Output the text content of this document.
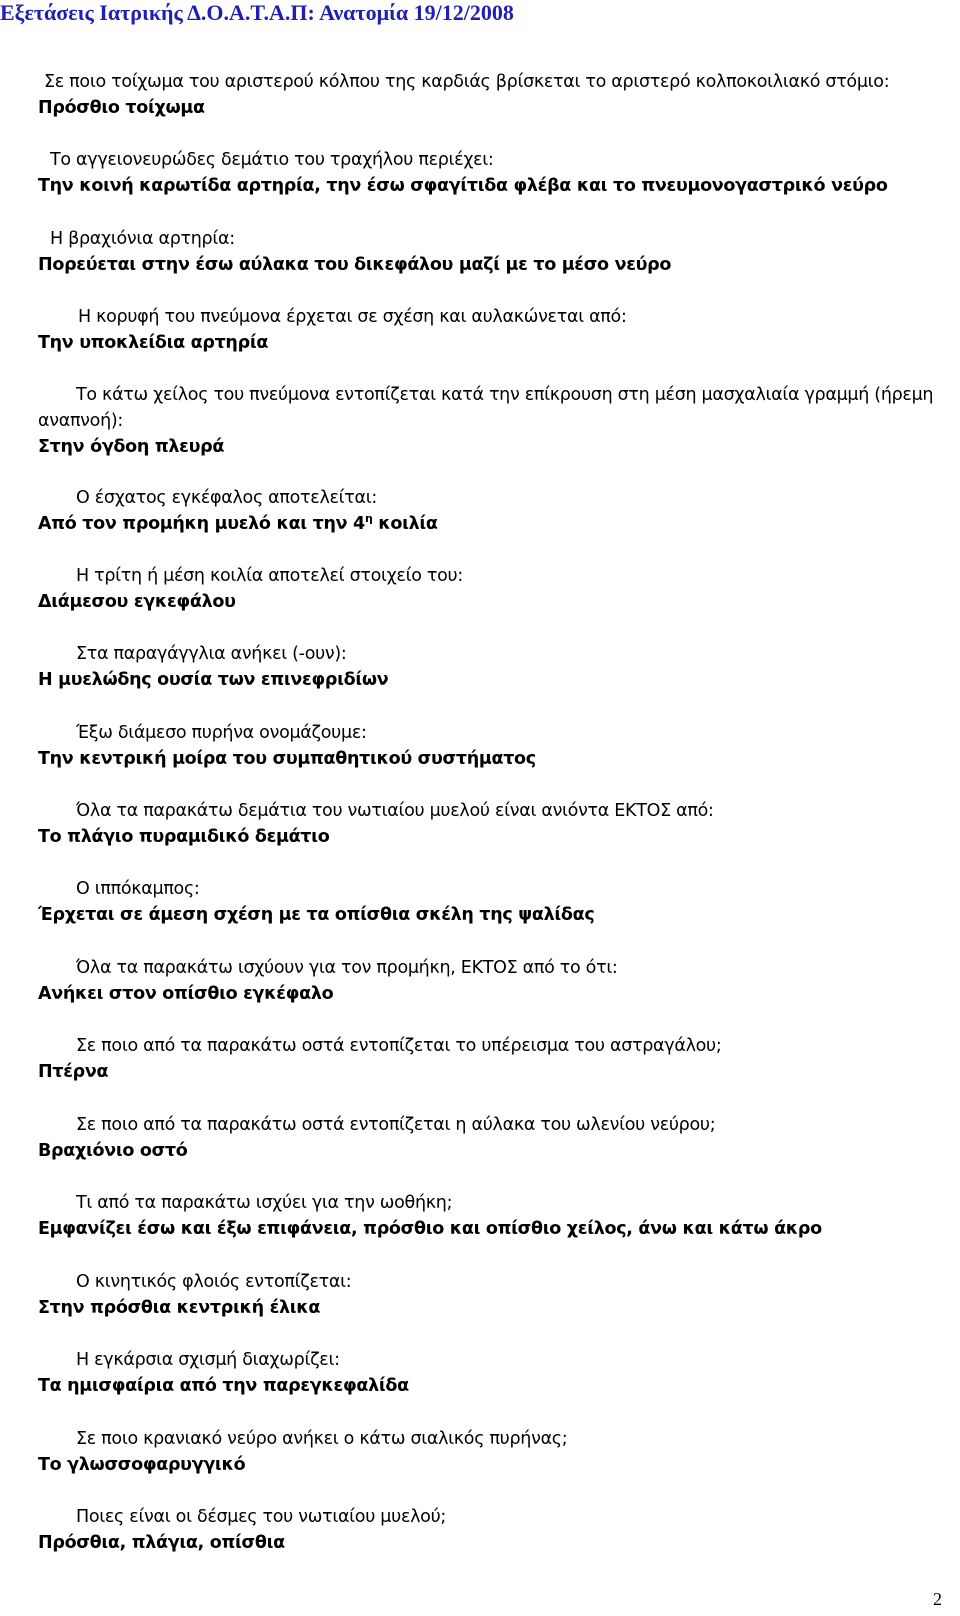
Εξετάσεις Ιατρικής Δ.Ο.Α.Τ.Α.Π: Ανατομία 19/12/2008
Σε ποιο τοίχωμα του αριστερού κόλπου της καρδιάς βρίσκεται το αριστερό κολποκοιλιακό στόμιο:
Πρόσθιο τοίχωμα
Το αγγειονευρώδες δεμάτιο του τραχήλου περιέχει:
Την κοινή καρωτίδα αρτηρία, την έσω σφαγίτιδα φλέβα και το πνευμονογαστρικό νεύρο
Η βραχιόνια αρτηρία:
Πορεύεται στην έσω αύλακα του δικεφάλου μαζί με το μέσο νεύρο
Η κορυφή του πνεύμονα έρχεται σε σχέση και αυλακώνεται από:
Την υποκλείδια αρτηρία
Το κάτω χείλος του πνεύμονα εντοπίζεται κατά την επίκρουση στη μέση μασχαλιαία γραμμή (ήρεμη
αναπνοή):
Στην όγδοη πλευρά
Ο έσχατος εγκέφαλος αποτελείται:
Από τον προμήκη μυελό και την $4^\eta$ κοιλία
Η τρίτη ή μέση κοιλία αποτελεί στοιχείο του:
Διάμεσου εγκεφάλου
Στα παραγάγγλια ανήκει (-ουν):
Η μυελώδης ουσία των επινεφριδίων
Έξω διάμεσο πυρήνα ονομάζουμε:
Την κεντρική μοίρα του συμπαθητικού συστήματος
Όλα τα παρακάτω δεμάτια του νωτιαίου μυελού είναι ανιόντα ΕΚΤΟΣ από:
Το πλάγιο πυραμιδικό δεμάτιο
Ο ιππόκαμπος:
Έρχεται σε άμεση σχέση με τα οπίσθια σκέλη της ψαλίδας
Όλα τα παρακάτω ισχύουν για τον προμήκη, ΕΚΤΟΣ από το ότι:
Ανήκει στον οπίσθιο εγκέφαλο
Σε ποιο από τα παρακάτω οστά εντοπίζεται το υπέρεισμα του αστραγάλου;
Πτέρνα
Σε ποιο από τα παρακάτω οστά εντοπίζεται η αύλακα του ωλενίου νεύρου;
Βραχιόνιο οστό
Τι από τα παρακάτω ισχύει για την ωοθήκη;
Εμφανίζει έσω και έξω επιφάνεια, πρόσθιο και οπίσθιο χείλος, άνω και κάτω άκρο
Ο κινητικός φλοιός εντοπίζεται:
Στην πρόσθια κεντρική έλικα
Η εγκάρσια σχισμή διαχωρίζει:
Τα ημισφαίρια από την παρεγκεφαλίδα
Σε ποιο κρανιακό νεύρο ανήκει ο κάτω σιαλικός πυρήνας;
Το γλωσσοφαρυγγικό
Ποιες είναι οι δέσμες του νωτιαίου μυελού;
Πρόσθια, πλάγια, οπίσθια
2
